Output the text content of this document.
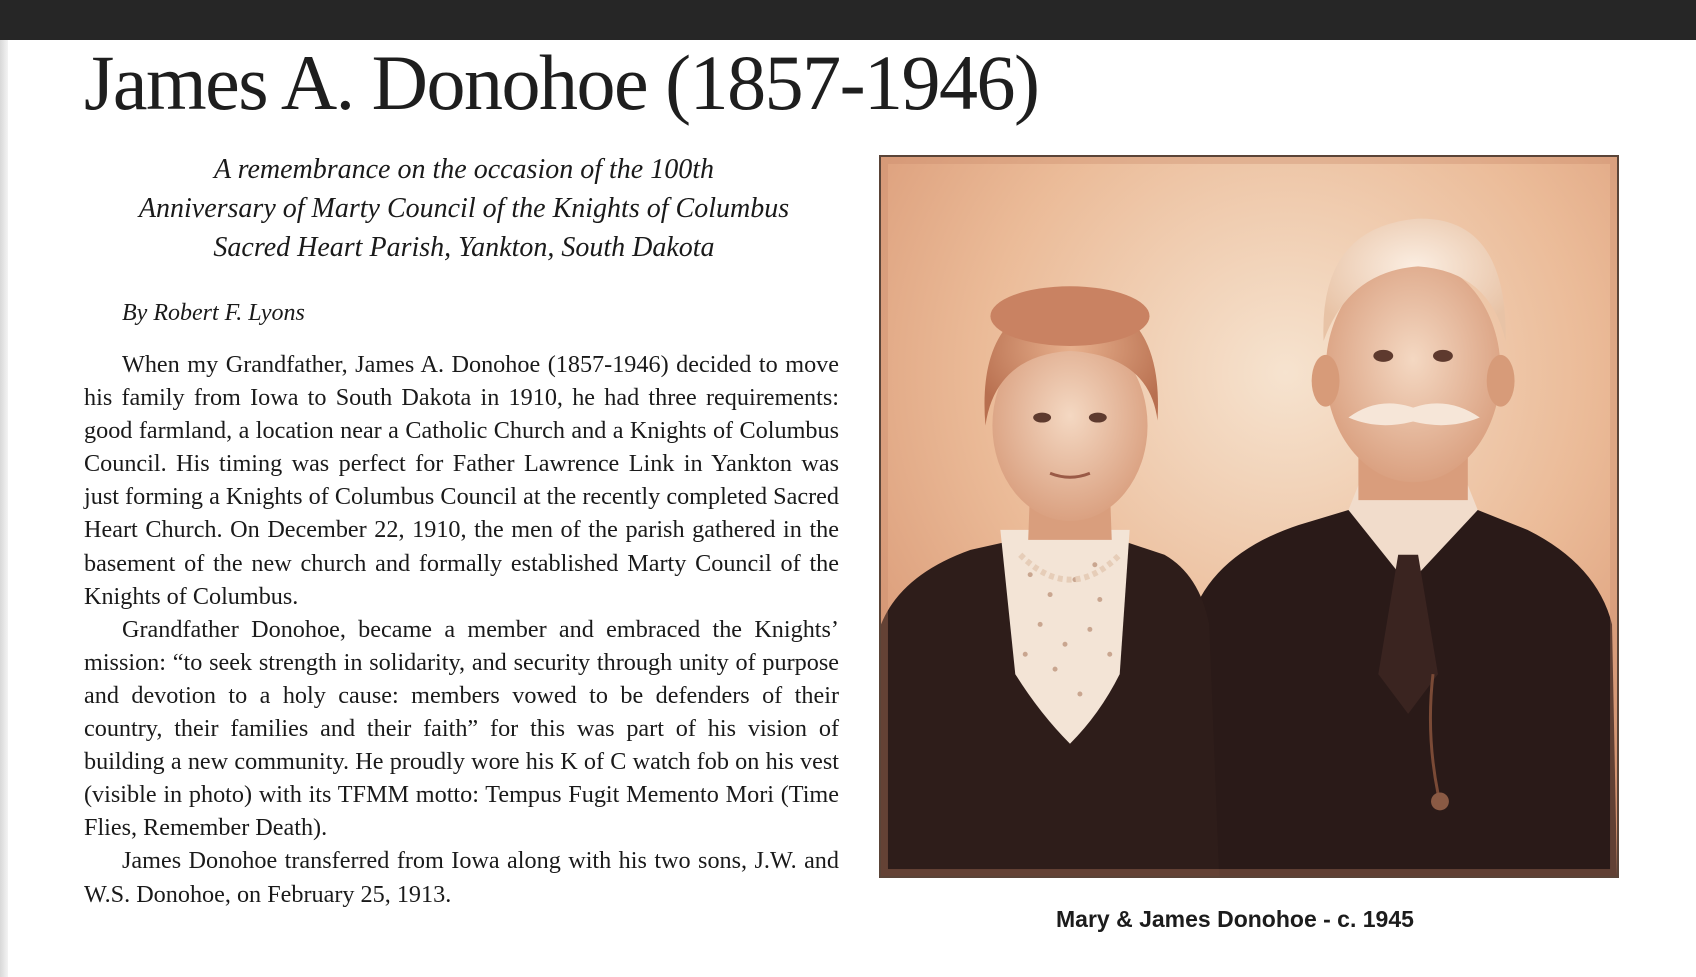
James A. Donohoe (1857-1946)
A remembrance on the occasion of the 100th
Anniversary of Marty Council of the Knights of Columbus
Sacred Heart Parish, Yankton, South Dakota
By Robert F. Lyons

When my Grandfather, James A. Donohoe (1857-1946) decided to move his family from Iowa to South Dakota in 1910, he had three requirements: good farmland, a location near a Catholic Church and a Knights of Columbus Council. His timing was perfect for Father Lawrence Link in Yankton was just forming a Knights of Columbus Council at the recently completed Sacred Heart Church. On December 22, 1910, the men of the parish gathered in the basement of the new church and formally established Marty Council of the Knights of Columbus.

Grandfather Donohoe, became a member and embraced the Knights’ mission: “to seek strength in solidarity, and security through unity of purpose and devotion to a holy cause: members vowed to be defenders of their country, their families and their faith” for this was part of his vision of building a new community. He proudly wore his K of C watch fob on his vest (visible in photo) with its TFMM motto: Tempus Fugit Memento Mori (Time Flies, Remember Death).

James Donohoe transferred from Iowa along with his two sons, J.W. and W.S. Donohoe, on February 25, 1913.

Mary & James Donohoe - c. 1945
